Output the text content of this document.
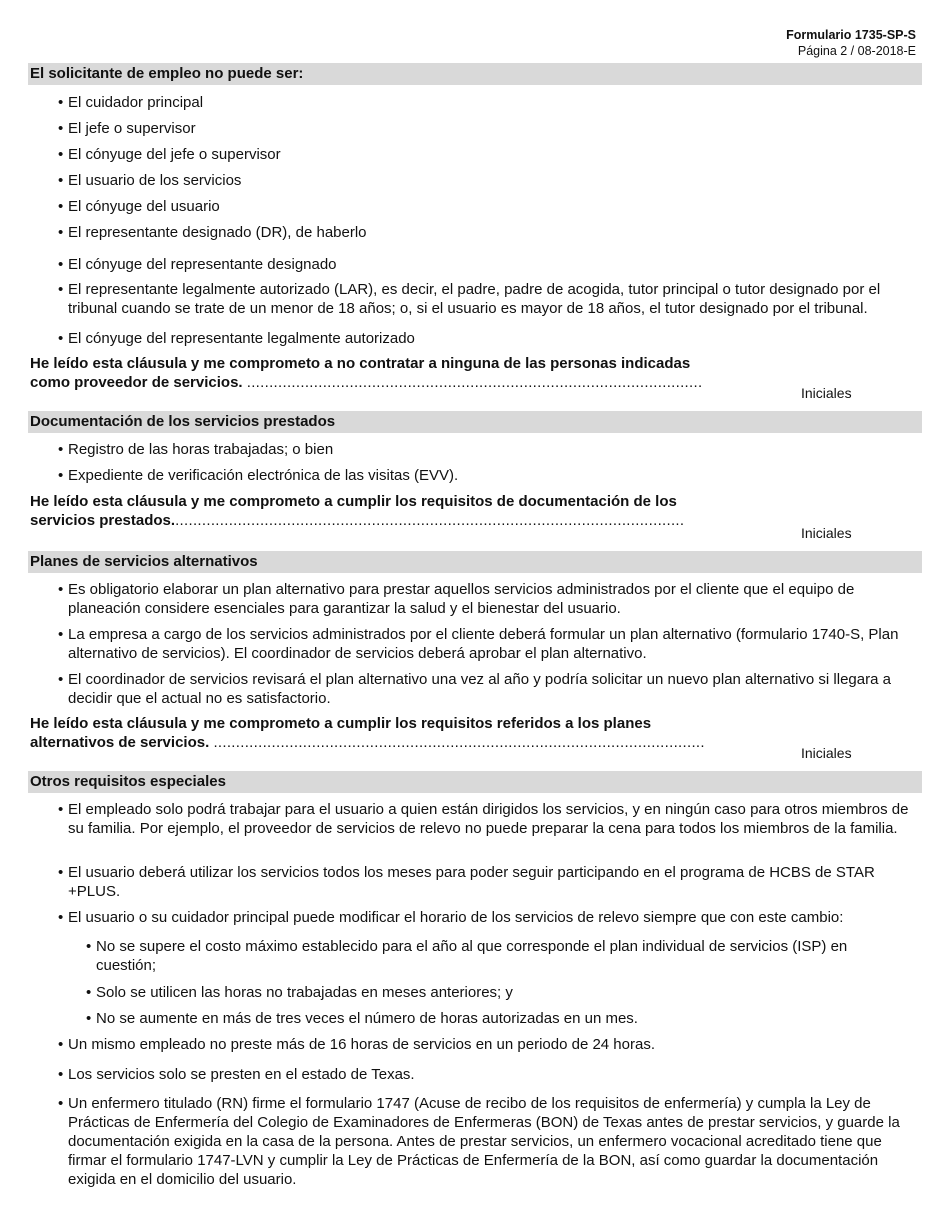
Formulario 1735-SP-S
Página 2 / 08-2018-E
El solicitante de empleo no puede ser:
• El cuidador principal
• El jefe o supervisor
• El cónyuge del jefe o supervisor
• El usuario de los servicios
• El cónyuge del usuario
• El representante designado (DR), de haberlo
• El cónyuge del representante designado
• El representante legalmente autorizado (LAR), es decir, el padre, padre de acogida, tutor principal o tutor designado por el tribunal cuando se trate de un menor de 18 años; o, si el usuario es mayor de 18 años, el tutor designado por el tribunal.
• El cónyuge del representante legalmente autorizado
He leído esta cláusula y me comprometo a no contratar a ninguna de las personas indicadas
como proveedor de servicios. ......................................................................................................
Iniciales
Documentación de los servicios prestados
• Registro de las horas trabajadas; o bien
• Expediente de verificación electrónica de las visitas (EVV).
He leído esta cláusula y me comprometo a cumplir los requisitos de documentación de los
servicios prestados...................................................................................................................
Iniciales
Planes de servicios alternativos
• Es obligatorio elaborar un plan alternativo para prestar aquellos servicios administrados por el cliente que el equipo de planeación considere esenciales para garantizar la salud y el bienestar del usuario.
• La empresa a cargo de los servicios administrados por el cliente deberá formular un plan alternativo (formulario 1740-S, Plan alternativo de servicios). El coordinador de servicios deberá aprobar el plan alternativo.
• El coordinador de servicios revisará el plan alternativo una vez al año y podría solicitar un nuevo plan alternativo si llegara a decidir que el actual no es satisfactorio.
He leído esta cláusula y me comprometo a cumplir los requisitos referidos a los planes
alternativos de servicios. ..............................................................................................................
Iniciales
Otros requisitos especiales
• El empleado solo podrá trabajar para el usuario a quien están dirigidos los servicios, y en ningún caso para otros miembros de su familia. Por ejemplo, el proveedor de servicios de relevo no puede preparar la cena para todos los miembros de la familia.
• El usuario deberá utilizar los servicios todos los meses para poder seguir participando en el programa de HCBS de STAR +PLUS.
• El usuario o su cuidador principal puede modificar el horario de los servicios de relevo siempre que con este cambio:
• No se supere el costo máximo establecido para el año al que corresponde el plan individual de servicios (ISP) en cuestión;
• Solo se utilicen las horas no trabajadas en meses anteriores; y
• No se aumente en más de tres veces el número de horas autorizadas en un mes.
• Un mismo empleado no preste más de 16 horas de servicios en un periodo de 24 horas.
• Los servicios solo se presten en el estado de Texas.
• Un enfermero titulado (RN) firme el formulario 1747 (Acuse de recibo de los requisitos de enfermería) y cumpla la Ley de Prácticas de Enfermería del Colegio de Examinadores de Enfermeras (BON) de Texas antes de prestar servicios, y guarde la documentación exigida en la casa de la persona. Antes de prestar servicios, un enfermero vocacional acreditado tiene que firmar el formulario 1747-LVN y cumplir la Ley de Prácticas de Enfermería de la BON, así como guardar la documentación exigida en el domicilio del usuario.
